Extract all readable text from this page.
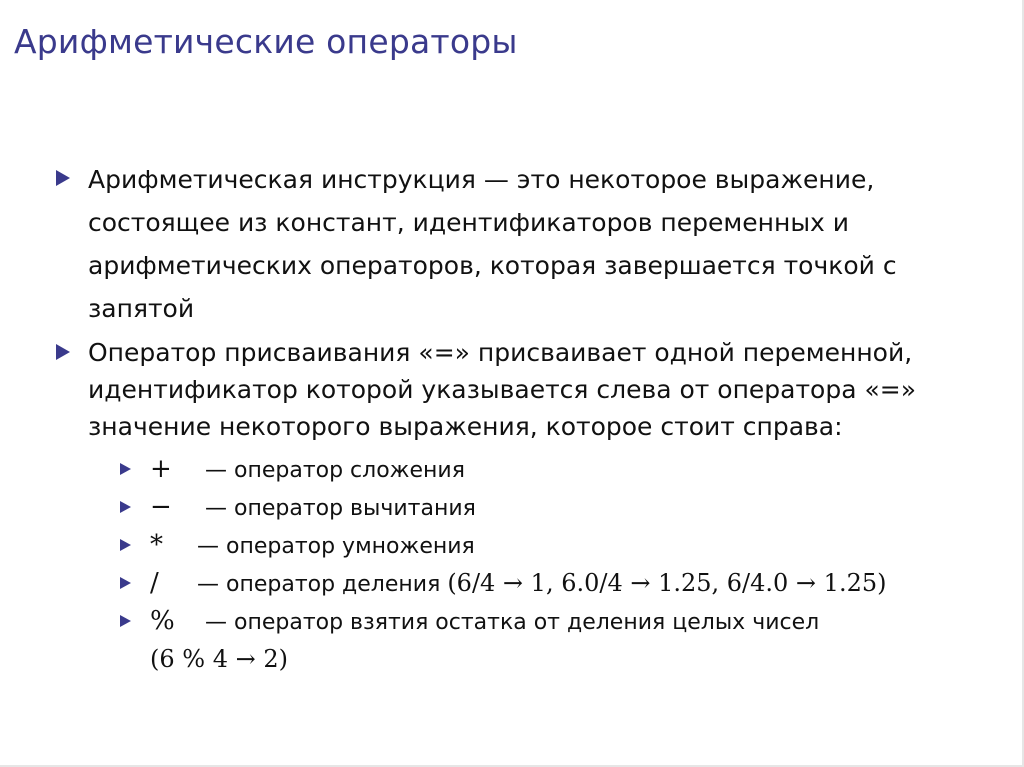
Арифметические операторы
Арифметическая инструкция — это некоторое выражение, состоящее из констант, идентификаторов переменных и арифметических операторов, которая завершается точкой с запятой
Оператор присваивания «=» присваивает одной переменной, идентификатор которой указывается слева от оператора «=» значение некоторого выражения, которое стоит справа:
+ — оператор сложения
− — оператор вычитания
* — оператор умножения
/ — оператор деления (6/4 → 1, 6.0/4 → 1.25, 6/4.0 → 1.25)
% — оператор взятия остатка от деления целых чисел
(6 % 4 → 2)
